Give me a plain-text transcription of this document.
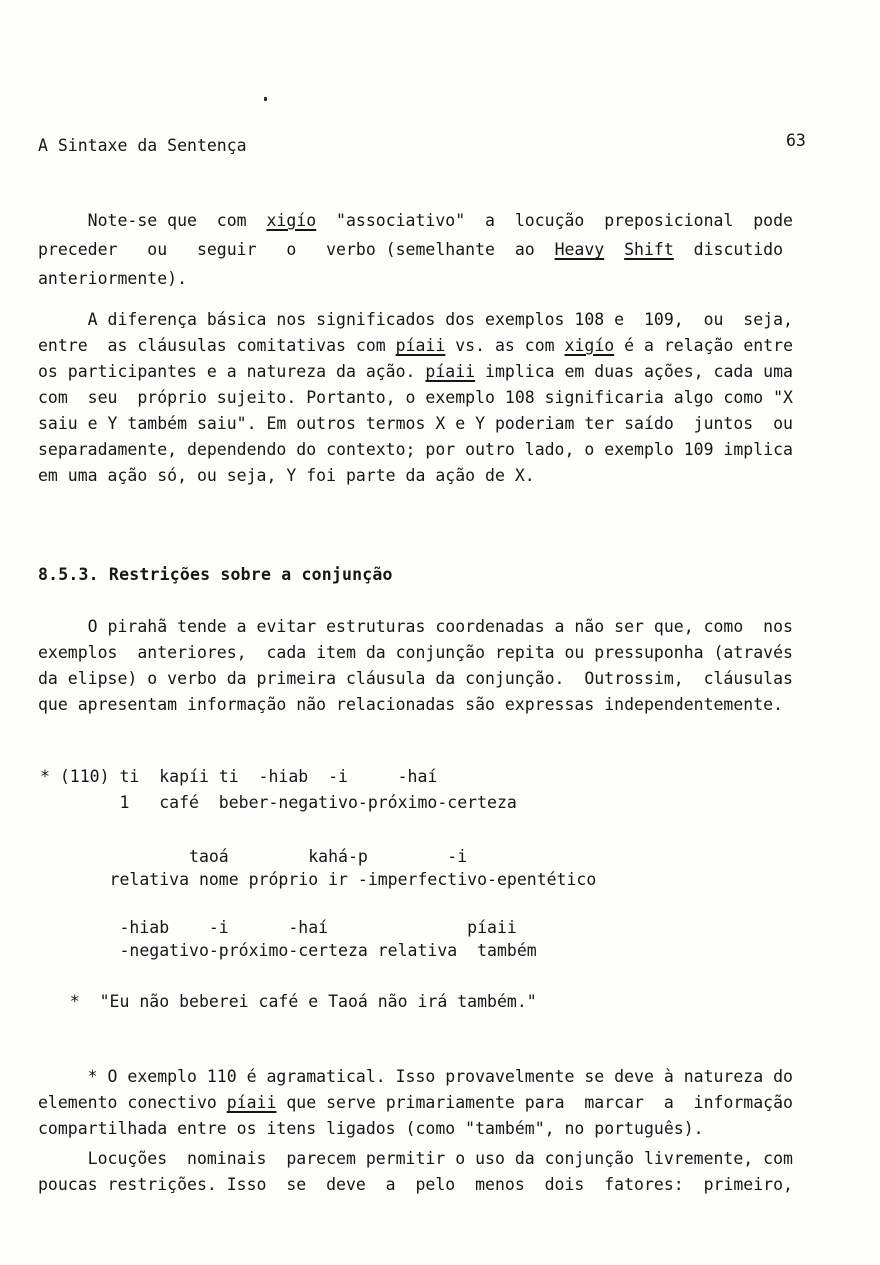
A Sintaxe da Sentença	63
Note-se que  com  xigío  "associativo"  a  locução  preposicional  pode
preceder   ou   seguir   o   verbo (semelhante  ao  Heavy Shift  discutido
anteriormente).
A diferença básica nos significados dos exemplos 108 e  109,  ou  seja,
entre  as cláusulas comitativas com píaii vs. as com xigío é a relação entre
os participantes e a natureza da ação. píaii implica em duas ações, cada uma
com  seu  próprio sujeito. Portanto, o exemplo 108 significaria algo como "X
saiu e Y também saiu". Em outros termos X e Y poderiam ter saído  juntos  ou
separadamente, dependendo do contexto; por outro lado, o exemplo 109 implica
em uma ação só, ou seja, Y foi parte da ação de X.
8.5.3. Restrições sobre a conjunção
O pirahã tende a evitar estruturas coordenadas a não ser que, como  nos
exemplos  anteriores,  cada item da conjunção repita ou pressuponha (através
da elipse) o verbo da primeira cláusula da conjunção.  Outrossim,  cláusulas
que apresentam informação não relacionadas são expressas independentemente.
* (110) ti  kapíi ti  -hiab  -i     -haí
1   café  beber-negativo-próximo-certeza
taoá        kahá-p        -i
relativa nome próprio ir -imperfectivo-epentético
-hiab    -i      -haí              píaii
-negativo-próximo-certeza relativa  também
*  "Eu não beberei café e Taoá não irá também."
* O exemplo 110 é agramatical. Isso provavelmente se deve à natureza do
elemento conectivo píaii que serve primariamente para  marcar  a  informação
compartilhada entre os itens ligados (como "também", no português).
Locuções  nominais  parecem permitir o uso da conjunção livremente, com
poucas restrições. Isso  se  deve  a  pelo  menos  dois  fatores:  primeiro,
